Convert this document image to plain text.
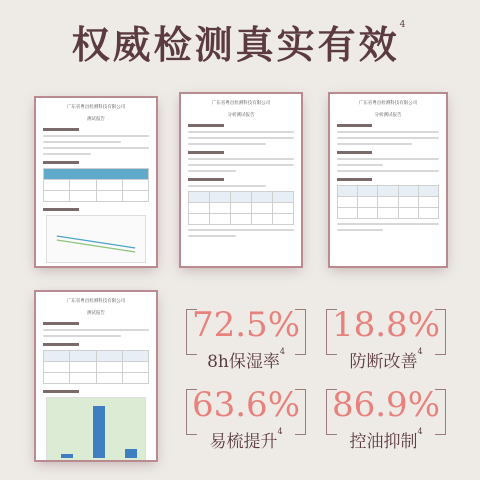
权威检测真实有效$^4$
广东省粤昌检测科技有限公司
测试报告

广东省粤昌检测科技有限公司
分析测试报告

广东省粤昌检测科技有限公司
分析测试报告

广东省粤昌检测科技有限公司
测试报告

				72.5%
8h保湿率$^4$
18.8%
防断改善$^4$
63.6%
易梳提升$^4$
86.9%
控油抑制$^4$
